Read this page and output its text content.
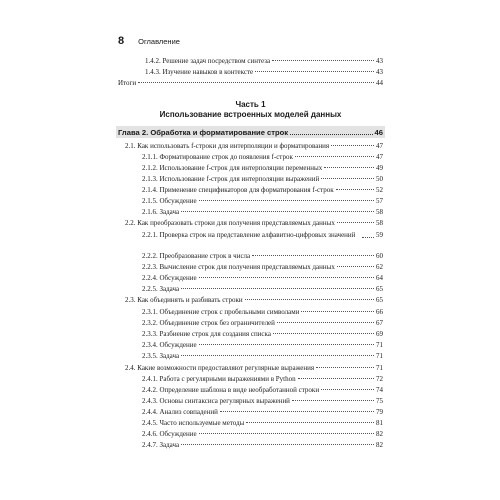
8 Оглавление
1.4.2. Решение задач посредством синтеза	43
1.4.3. Изучение навыков в контексте	43
Итоги	44
Часть 1
Использование встроенных моделей данных
Глава 2. Обработка и форматирование строк	46
2.1. Как использовать f-строки для интерполяции и форматирования	47
2.1.1. Форматирование строк до появления f-строк	47
2.1.2. Использование f-строк для интерполяции переменных	49
2.1.3. Использование f-строк для интерполяции выражений	50
2.1.4. Применение спецификаторов для форматирования f-строк	52
2.1.5. Обсуждение	57
2.1.6. Задача	58
2.2. Как преобразовать строки для получения представляемых данных	58
2.2.1. Проверка строк на представление алфавитно-цифровых значений	59
2.2.2. Преобразование строк в числа	60
2.2.3. Вычисление строк для получения представляемых данных	62
2.2.4. Обсуждение	64
2.2.5. Задача	65
2.3. Как объединять и разбивать строки	65
2.3.1. Объединение строк с пробельными символами	66
2.3.2. Объединение строк без ограничителей	67
2.3.3. Разбиение строк для создания списка	69
2.3.4. Обсуждение	71
2.3.5. Задача	71
2.4. Какие возможности предоставляют регулярные выражения	71
2.4.1. Работа с регулярными выражениями в Python	72
2.4.2. Определение шаблона в виде необработанной строки	74
2.4.3. Основы синтаксиса регулярных выражений	75
2.4.4. Анализ совпадений	79
2.4.5. Часто используемые методы	81
2.4.6. Обсуждение	82
2.4.7. Задача	82
